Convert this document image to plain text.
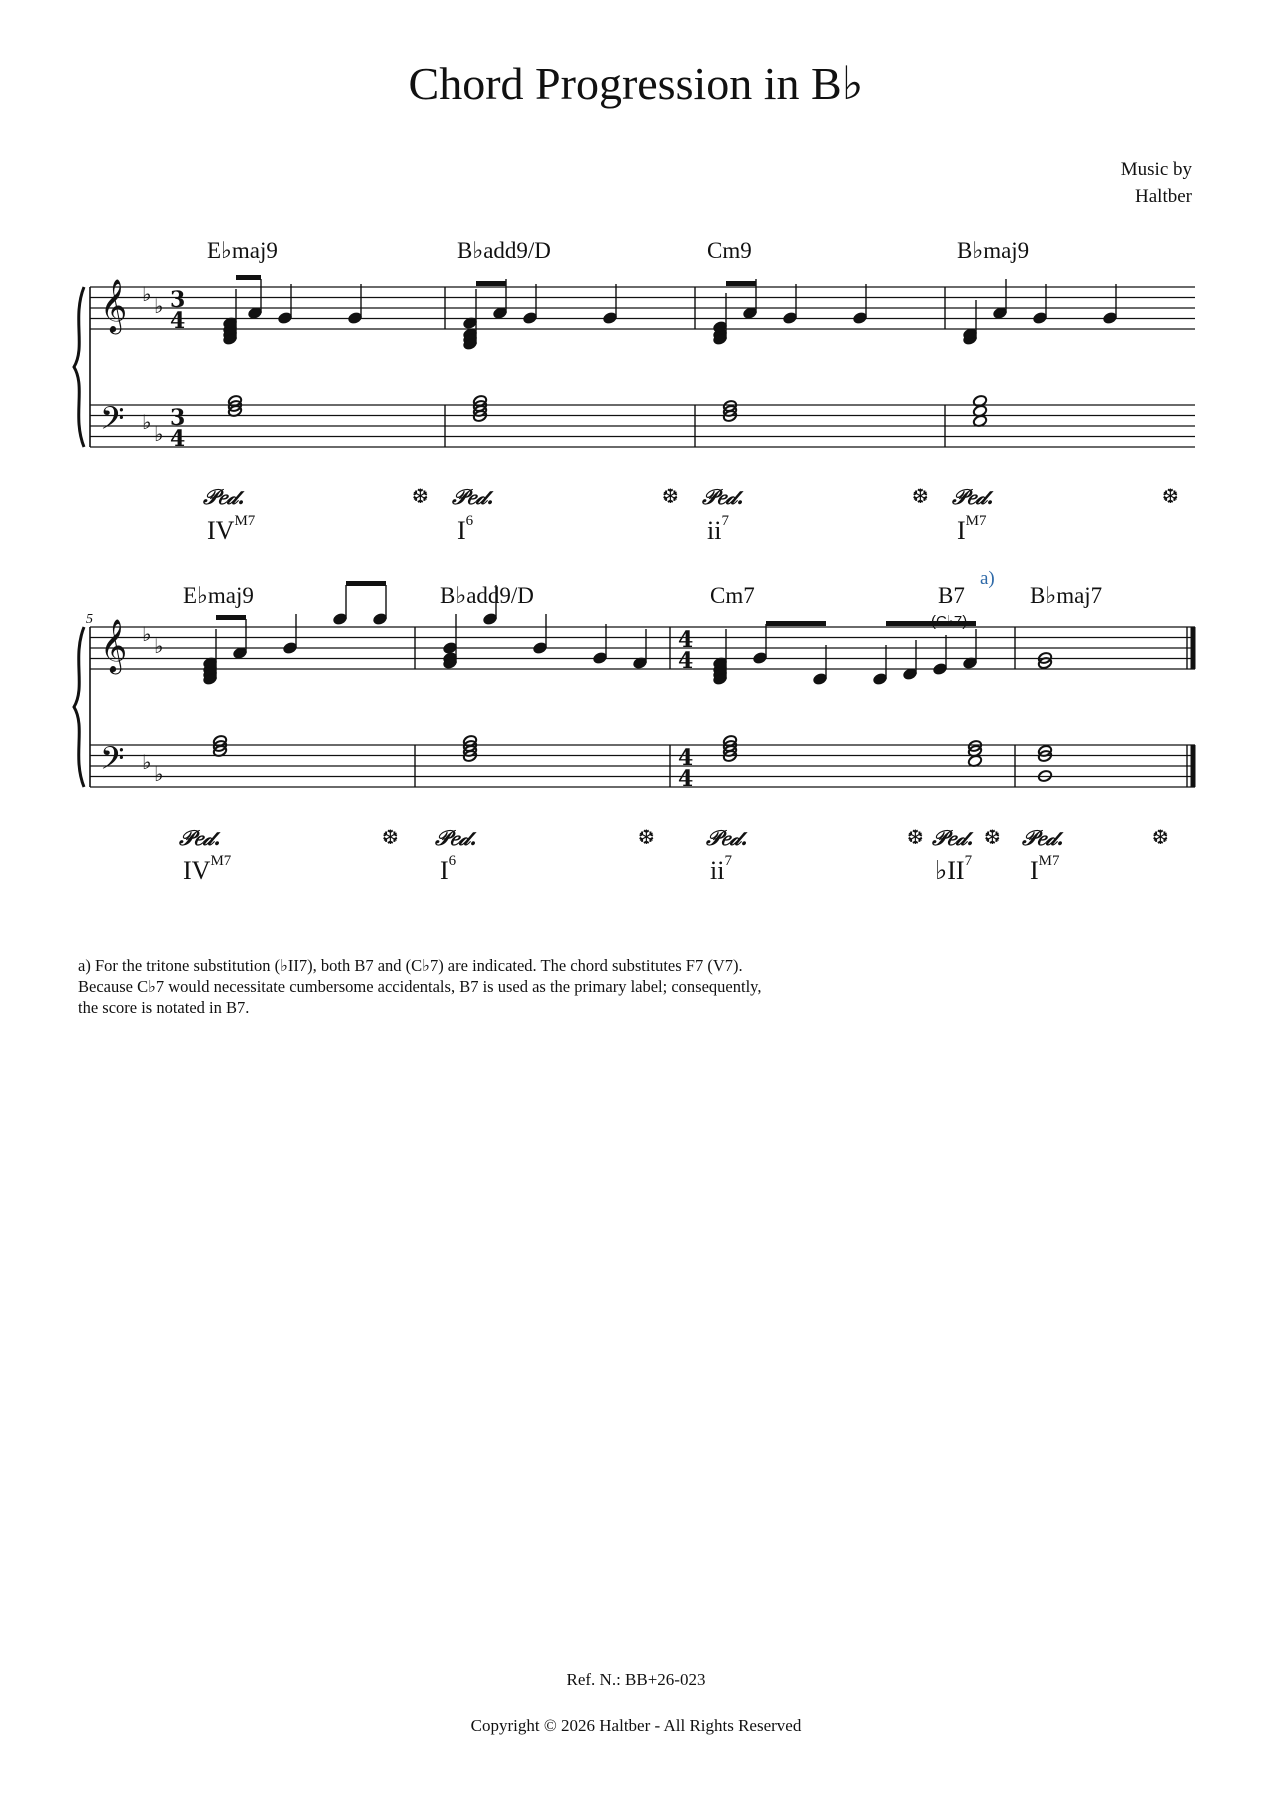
Chord Progression in B♭
Music by
Haltber
E♭maj9	B♭add9/D	Cm9	B♭maj9
𝒫𝑒𝒹.	❆ 𝒫𝑒𝒹.	❆ 𝒫𝑒𝒹.	❆ 𝒫𝑒𝒹.	❆
$IV^{M7}$	$I^6$	$ii^7$	$I^{M7}$
5
E♭maj9	B♭add9/D	Cm7	B7
a)
B♭maj7
𝒫𝑒𝒹.	❆ 𝒫𝑒𝒹.	❆ 𝒫𝑒𝒹.	❆ 𝒫𝑒𝒹. ❆ 𝒫𝑒𝒹.	❆
$IV^{M7}$	$I^6$	$ii^7$	$♭II^7$ $I^{M7}$
𝄞
𝄢
♭ ♭
♭ ♭
3
4
3
4
𝄞
𝄢
♭ ♭
♭ ♭
4
4
4
4
a) For the tritone substitution (♭II7), both B7 and (C♭7) are indicated. The chord substitutes F7 (V7).
Because C♭7 would necessitate cumbersome accidentals, B7 is used as the primary label; consequently,
the score is notated in B7.
Ref. N.: BB+26-023
Copyright © 2026 Haltber - All Rights Reserved
